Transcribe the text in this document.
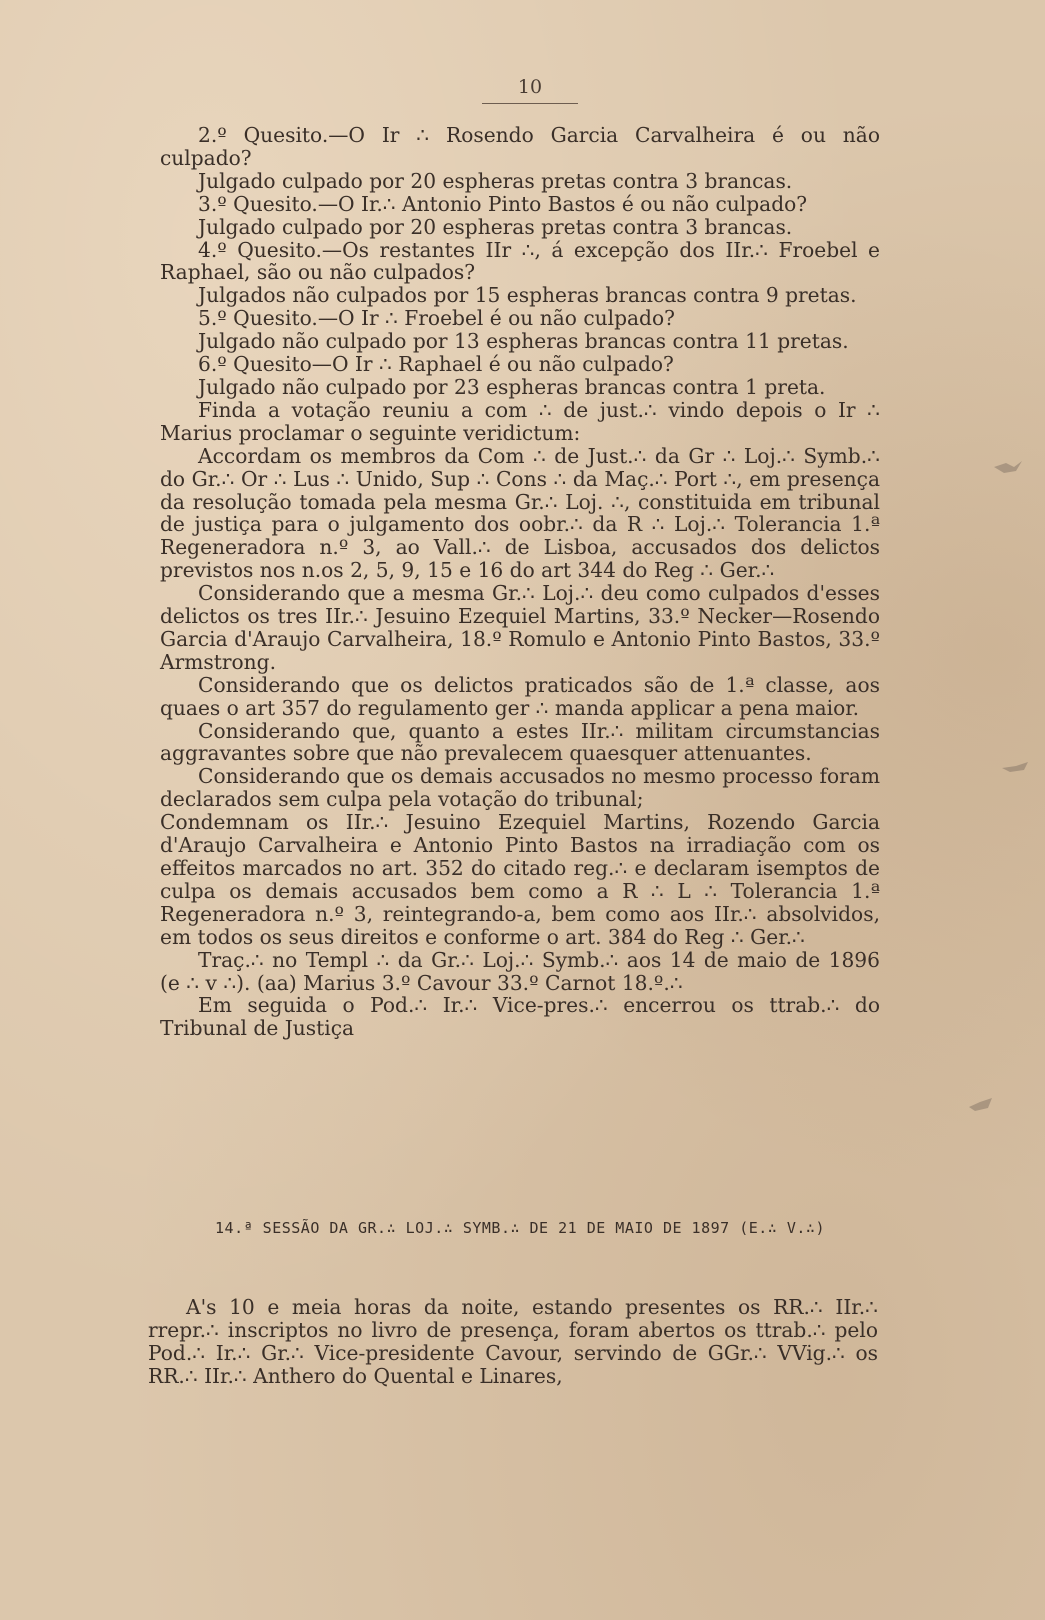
10

2.º Quesito.—O Ir ∴ Rosendo Garcia Carvalheira é ou não culpado?

Julgado culpado por 20 espheras pretas contra 3 brancas.

3.º Quesito.—O Ir.∴ Antonio Pinto Bastos é ou não culpado?

Julgado culpado por 20 espheras pretas contra 3 brancas.

4.º Quesito.—Os restantes IIr ∴, á excepção dos IIr.∴ Froebel e Raphael, são ou não culpados?

Julgados não culpados por 15 espheras brancas contra 9 pretas.

5.º Quesito.—O Ir ∴ Froebel é ou não culpado?

Julgado não culpado por 13 espheras brancas contra 11 pretas.

6.º Quesito—O Ir ∴ Raphael é ou não culpado?

Julgado não culpado por 23 espheras brancas contra 1 preta.

Finda a votação reuniu a com ∴ de just.∴ vindo depois o Ir ∴ Marius proclamar o seguinte veridictum:

Accordam os membros da Com ∴ de Just.∴ da Gr ∴ Loj.∴ Symb.∴ do Gr.∴ Or ∴ Lus ∴ Unido, Sup ∴ Cons ∴ da Maç.∴ Port ∴, em presença da resolução tomada pela mesma Gr.∴ Loj. ∴, constituida em tribunal de justiça para o julgamento dos oobr.∴ da R ∴ Loj.∴ Tolerancia 1.ª Regeneradora n.º 3, ao Vall.∴ de Lisboa, accusados dos delictos previstos nos n.os 2, 5, 9, 15 e 16 do art 344 do Reg ∴ Ger.∴

Considerando que a mesma Gr.∴ Loj.∴ deu como culpados d'esses delictos os tres IIr.∴ Jesuino Ezequiel Martins, 33.º Necker—Rosendo Garcia d'Araujo Carvalheira, 18.º Romulo e Antonio Pinto Bastos, 33.º Armstrong.

Considerando que os delictos praticados são de 1.ª classe, aos quaes o art 357 do regulamento ger ∴ manda applicar a pena maior.

Considerando que, quanto a estes IIr.∴ militam circumstancias aggravantes sobre que não prevalecem quaesquer attenuantes.

Considerando que os demais accusados no mesmo processo foram declarados sem culpa pela votação do tribunal;

Condemnam os IIr.∴ Jesuino Ezequiel Martins, Rozendo Garcia d'Araujo Carvalheira e Antonio Pinto Bastos na irradiação com os effeitos marcados no art. 352 do citado reg.∴ e declaram isemptos de culpa os demais accusados bem como a R ∴ L ∴ Tolerancia 1.ª Regeneradora n.º 3, reintegrando-a, bem como aos IIr.∴ absolvidos, em todos os seus direitos e conforme o art. 384 do Reg ∴ Ger.∴

Traç.∴ no Templ ∴ da Gr.∴ Loj.∴ Symb.∴ aos 14 de maio de 1896 (e ∴ v ∴). (aa) Marius 3.º Cavour 33.º Carnot 18.º.∴

Em seguida o Pod.∴ Ir.∴ Vice-pres.∴ encerrou os ttrab.∴ do Tribunal de Justiça

14.ª SESSÃO DA GR.∴ LOJ.∴ SYMB.∴ DE 21 DE MAIO DE 1897 (E.∴ V.∴)

A's 10 e meia horas da noite, estando presentes os RR.∴ IIr.∴ rrepr.∴ inscriptos no livro de presença, foram abertos os ttrab.∴ pelo Pod.∴ Ir.∴ Gr.∴ Vice-presidente Cavour, servindo de GGr.∴ VVig.∴ os RR.∴ IIr.∴ Anthero do Quental e Linares,
